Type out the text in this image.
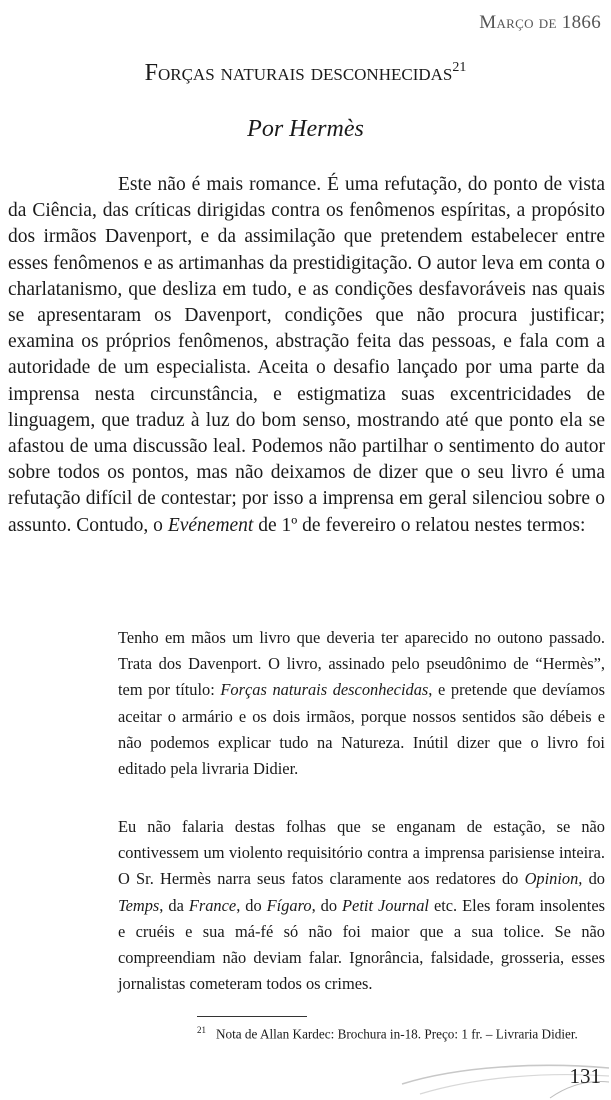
Março de 1866
Forças naturais desconhecidas$^{21}$
Por Hermès

Este não é mais romance. É uma refutação, do ponto de vista da Ciência, das críticas dirigidas contra os fenômenos espíritas, a propósito dos irmãos Davenport, e da assimilação que pretendem estabelecer entre esses fenômenos e as artimanhas da prestidigitação. O autor leva em conta o charlatanismo, que desliza em tudo, e as condições desfavoráveis nas quais se apresentaram os Davenport, condições que não procura justificar; examina os próprios fenômenos, abstração feita das pessoas, e fala com a autoridade de um especialista. Aceita o desafio lançado por uma parte da imprensa nesta circunstância, e estigmatiza suas excentricidades de linguagem, que traduz à luz do bom senso, mostrando até que ponto ela se afastou de uma discussão leal. Podemos não partilhar o sentimento do autor sobre todos os pontos, mas não deixamos de dizer que o seu livro é uma refutação difícil de contestar; por isso a imprensa em geral silenciou sobre o assunto. Contudo, o Evénement de 1º de fevereiro o relatou nestes termos:

Tenho em mãos um livro que deveria ter aparecido no outono passado. Trata dos Davenport. O livro, assinado pelo pseudônimo de “Hermès”, tem por título: Forças naturais desconhecidas, e pretende que devíamos aceitar o armário e os dois irmãos, porque nossos sentidos são débeis e não podemos explicar tudo na Natureza. Inútil dizer que o livro foi editado pela livraria Didier.

Eu não falaria destas folhas que se enganam de estação, se não contivessem um violento requisitório contra a imprensa parisiense inteira. O Sr. Hermès narra seus fatos claramente aos redatores do Opinion, do Temps, da France, do Fígaro, do Petit Journal etc. Eles foram insolentes e cruéis e sua má-fé só não foi maior que a sua tolice. Se não compreendiam não deviam falar. Ignorância, falsidade, grosseria, esses jornalistas cometeram todos os crimes.

$^{21}$ Nota de Allan Kardec: Brochura in-18. Preço: 1 fr. – Livraria Didier.
131
